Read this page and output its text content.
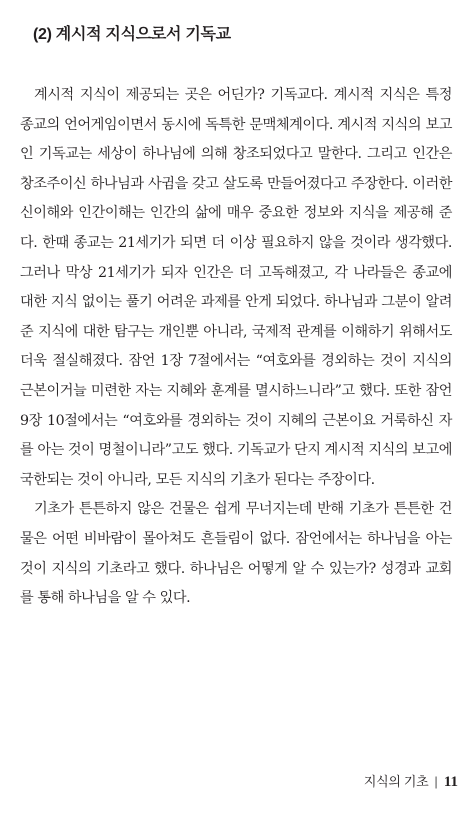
(2) 계시적 지식으로서 기독교

계시적 지식이 제공되는 곳은 어딘가? 기독교다. 계시적 지식은 특정 종교의 언어게임이면서 동시에 독특한 문맥체계이다. 계시적 지식의 보고인 기독교는 세상이 하나님에 의해 창조되었다고 말한다. 그리고 인간은 창조주이신 하나님과 사귐을 갖고 살도록 만들어졌다고 주장한다. 이러한 신이해와 인간이해는 인간의 삶에 매우 중요한 정보와 지식을 제공해 준다. 한때 종교는 21세기가 되면 더 이상 필요하지 않을 것이라 생각했다. 그러나 막상 21세기가 되자 인간은 더 고독해졌고, 각 나라들은 종교에 대한 지식 없이는 풀기 어려운 과제를 안게 되었다. 하나님과 그분이 알려 준 지식에 대한 탐구는 개인뿐 아니라, 국제적 관계를 이해하기 위해서도 더욱 절실해졌다. 잠언 1장 7절에서는 “여호와를 경외하는 것이 지식의 근본이거늘 미련한 자는 지혜와 훈계를 멸시하느니라”고 했다. 또한 잠언 9장 10절에서는 “여호와를 경외하는 것이 지혜의 근본이요 거룩하신 자를 아는 것이 명철이니라”고도 했다. 기독교가 단지 계시적 지식의 보고에 국한되는 것이 아니라, 모든 지식의 기초가 된다는 주장이다.

기초가 튼튼하지 않은 건물은 쉽게 무너지는데 반해 기초가 튼튼한 건물은 어떤 비바람이 몰아쳐도 흔들림이 없다. 잠언에서는 하나님을 아는 것이 지식의 기초라고 했다. 하나님은 어떻게 알 수 있는가? 성경과 교회를 통해 하나님을 알 수 있다.

지식의 기초 | 11
